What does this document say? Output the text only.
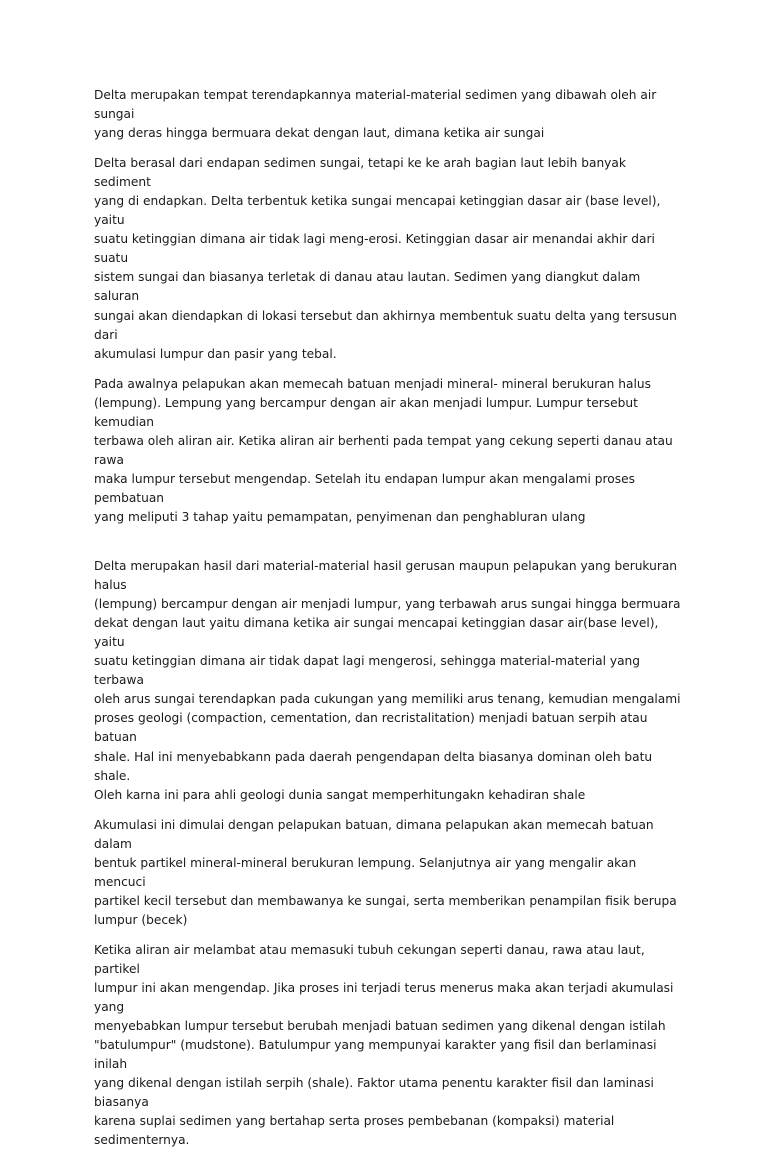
Delta merupakan tempat terendapkannya material-material sedimen yang dibawah oleh air sungai
yang deras hingga bermuara dekat dengan laut, dimana ketika air sungai

Delta berasal dari endapan sedimen sungai, tetapi ke ke arah bagian laut lebih banyak sediment
yang di endapkan. Delta terbentuk ketika sungai mencapai ketinggian dasar air (base level), yaitu
suatu ketinggian dimana air tidak lagi meng-erosi. Ketinggian dasar air menandai akhir dari suatu
sistem sungai dan biasanya terletak di danau atau lautan. Sedimen yang diangkut dalam saluran
sungai akan diendapkan di lokasi tersebut dan akhirnya membentuk suatu delta yang tersusun dari
akumulasi lumpur dan pasir yang tebal.

Pada awalnya pelapukan akan memecah batuan menjadi mineral- mineral berukuran halus
(lempung). Lempung yang bercampur dengan air akan menjadi lumpur. Lumpur tersebut kemudian
terbawa oleh aliran air. Ketika aliran air berhenti pada tempat yang cekung seperti danau atau rawa
maka lumpur tersebut mengendap. Setelah itu endapan lumpur akan mengalami proses pembatuan
yang meliputi 3 tahap yaitu pemampatan, penyimenan dan penghabluran ulang

Delta merupakan hasil dari material-material hasil gerusan maupun pelapukan yang berukuran halus
(lempung) bercampur dengan air menjadi lumpur, yang terbawah arus sungai hingga bermuara
dekat dengan laut yaitu dimana ketika air sungai mencapai ketinggian dasar air(base level), yaitu
suatu ketinggian dimana air tidak dapat lagi mengerosi, sehingga material-material yang terbawa
oleh arus sungai terendapkan pada cukungan yang memiliki arus tenang, kemudian mengalami
proses geologi (compaction, cementation, dan recristalitation) menjadi batuan serpih atau batuan
shale. Hal ini menyebabkann pada daerah pengendapan delta biasanya dominan oleh batu shale.
Oleh karna ini para ahli geologi dunia sangat memperhitungakn kehadiran shale

Akumulasi ini dimulai dengan pelapukan batuan, dimana pelapukan akan memecah batuan dalam
bentuk partikel mineral-mineral berukuran lempung. Selanjutnya air yang mengalir akan mencuci
partikel kecil tersebut dan membawanya ke sungai, serta memberikan penampilan fisik berupa
lumpur (becek)

Ketika aliran air melambat atau memasuki tubuh cekungan seperti danau, rawa atau laut, partikel
lumpur ini akan mengendap. Jika proses ini terjadi terus menerus maka akan terjadi akumulasi yang
menyebabkan lumpur tersebut berubah menjadi batuan sedimen yang dikenal dengan istilah
"batulumpur" (mudstone). Batulumpur yang mempunyai karakter yang fisil dan berlaminasi inilah
yang dikenal dengan istilah serpih (shale). Faktor utama penentu karakter fisil dan laminasi biasanya
karena suplai sedimen yang bertahap serta proses pembebanan (kompaksi) material sedimenternya.
